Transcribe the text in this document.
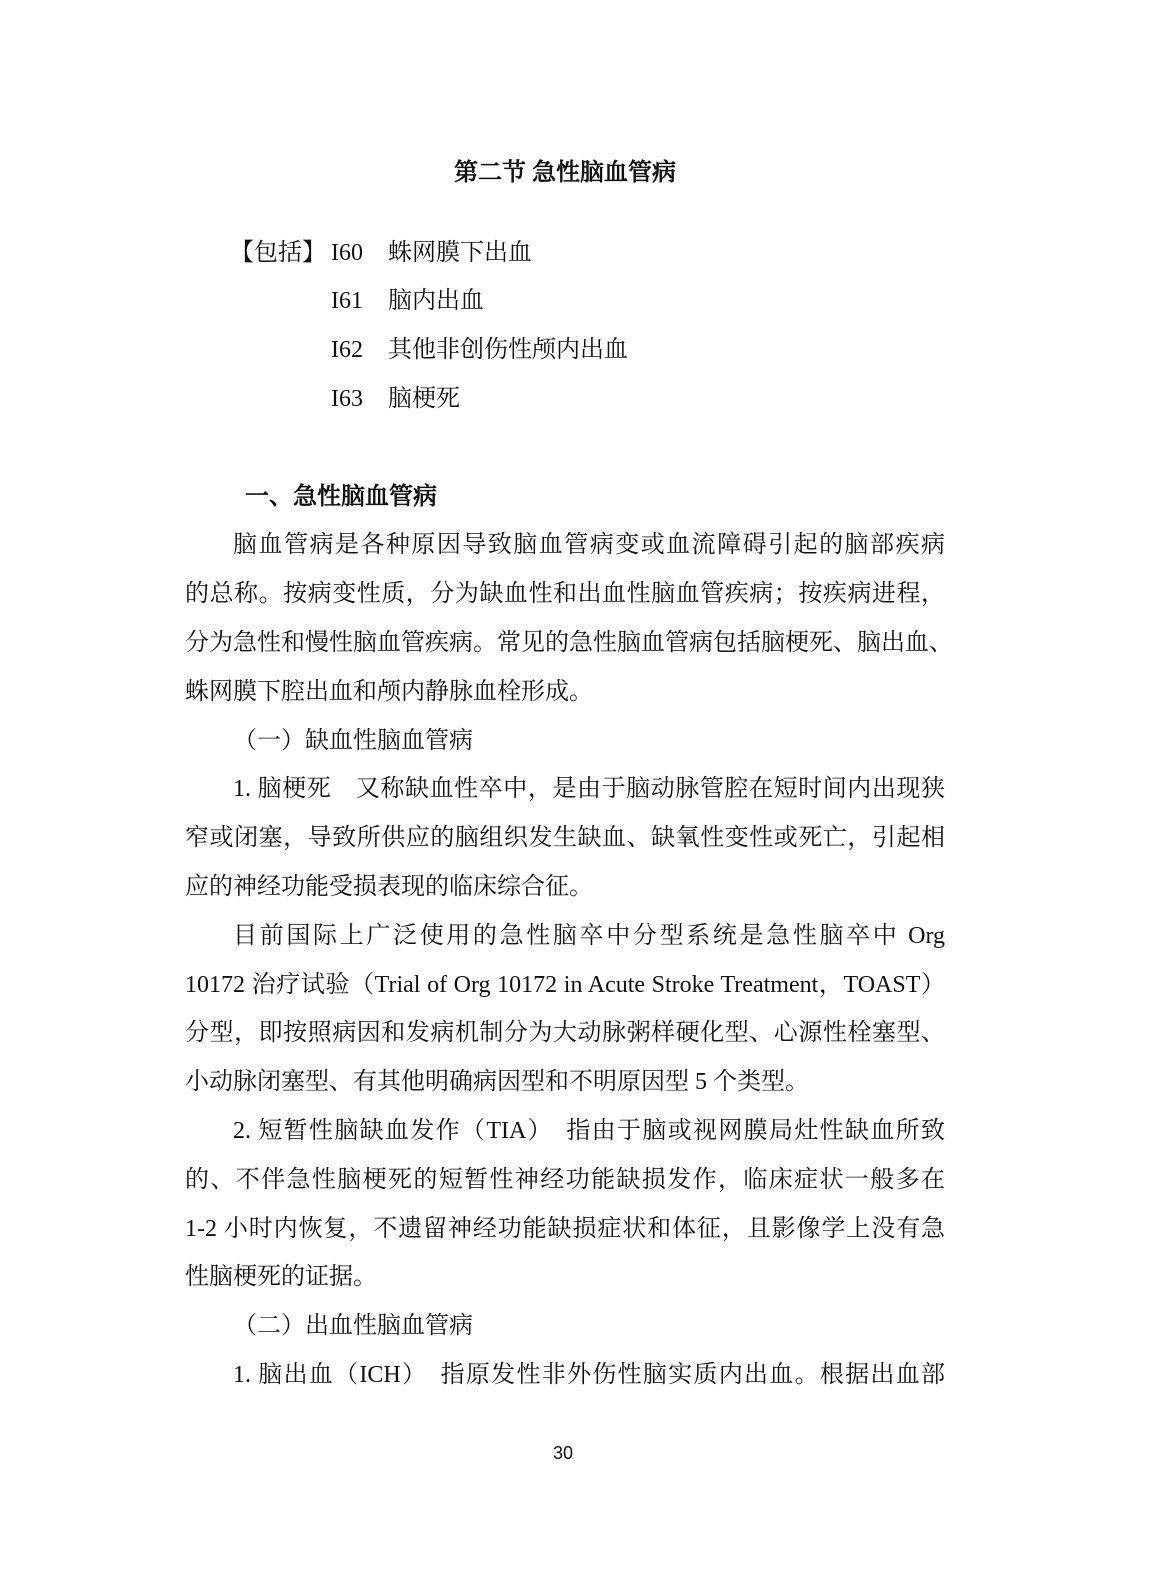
第二节 急性脑血管病
【包括】 I60	蛛网膜下出血
I61	脑内出血
I62	其他非创伤性颅内出血
I63	脑梗死
一、急性脑血管病
脑血管病是各种原因导致脑血管病变或血流障碍引起的脑部疾病
的总称。按病变性质，分为缺血性和出血性脑血管疾病；按疾病进程，
分为急性和慢性脑血管疾病。常见的急性脑血管病包括脑梗死、脑出血、
蛛网膜下腔出血和颅内静脉血栓形成。
（一）缺血性脑血管病
1. 脑梗死　又称缺血性卒中，是由于脑动脉管腔在短时间内出现狭
窄或闭塞，导致所供应的脑组织发生缺血、缺氧性变性或死亡，引起相
应的神经功能受损表现的临床综合征。
目前国际上广泛使用的急性脑卒中分型系统是急性脑卒中 Org
10172 治疗试验（Trial of Org 10172 in Acute Stroke Treatment，TOAST）
分型，即按照病因和发病机制分为大动脉粥样硬化型、心源性栓塞型、
小动脉闭塞型、有其他明确病因型和不明原因型 5 个类型。
2. 短暂性脑缺血发作（TIA）　指由于脑或视网膜局灶性缺血所致
的、不伴急性脑梗死的短暂性神经功能缺损发作，临床症状一般多在
1-2 小时内恢复，不遗留神经功能缺损症状和体征，且影像学上没有急
性脑梗死的证据。
（二）出血性脑血管病
1. 脑出血（ICH）　指原发性非外伤性脑实质内出血。根据出血部
30
